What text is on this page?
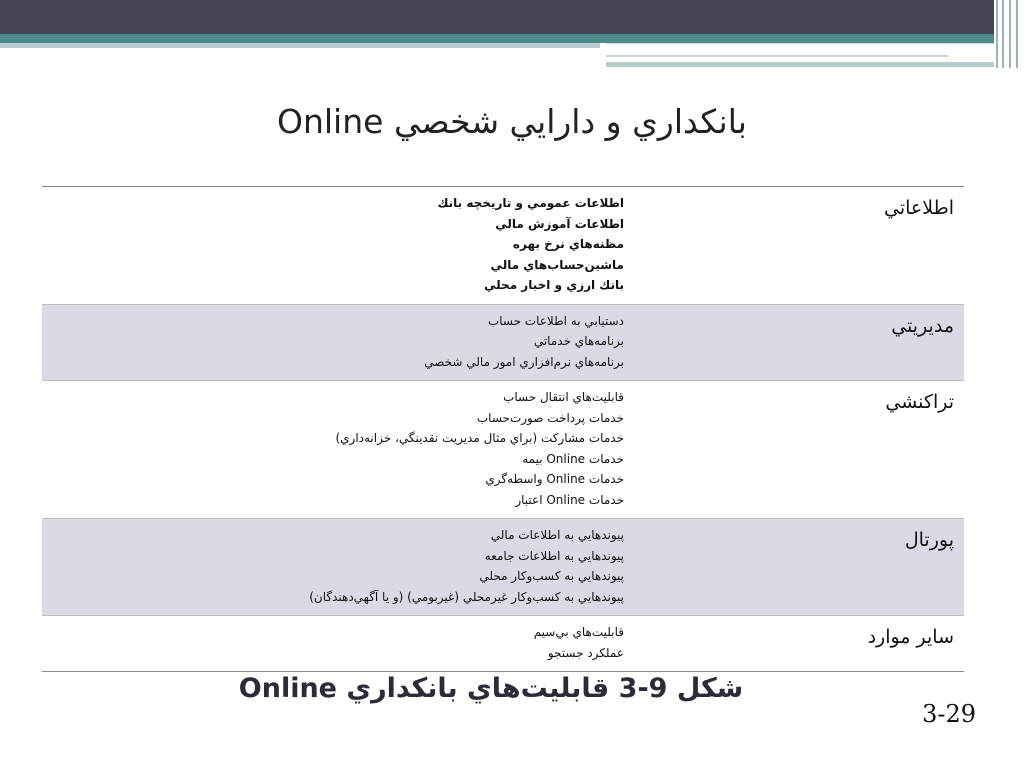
بانكداري و دارايي شخصي Online
اطلاعاتي
اطلاعات عمومي و تاريخچه بانك
اطلاعات آموزش مالي
مظنه‌هاي نرخ بهره
ماشين‌حساب‌هاي مالي
بانك ارزي و اخبار محلي
مديريتي
دستيابي به اطلاعات حساب
برنامه‌هاي خدماتي
برنامه‌هاي نرم‌افزاري امور مالي شخصي
تراكنشي
قابليت‌هاي انتقال حساب
خدمات پرداخت صورت‌حساب
خدمات مشاركت (براي مثال مديريت نقدينگي، خزانه‌داري)
خدمات Online بيمه
خدمات Online واسطه‌گري
خدمات Online اعتبار
پورتال
پيوندهايي به اطلاعات مالي
پيوندهايي به اطلاعات جامعه
پيوندهايي به كسب‌وكار محلي
پيوندهايي به كسب‌وكار غيرمحلي (غيربومي) (و يا آگهي‌دهندگان)
ساير موارد
قابليت‌هاي بي‌سيم
عملكرد جستجو
شكل 9-3 قابليت‌هاي بانكداري Online
3-29
